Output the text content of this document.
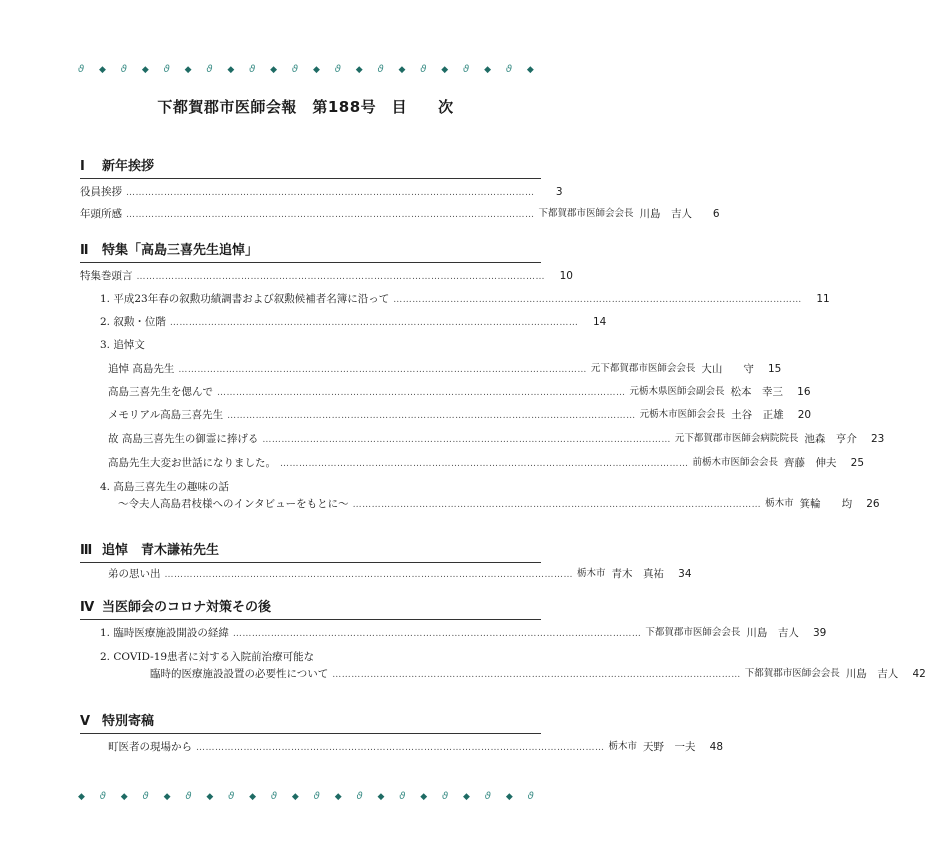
ϑ ◆ ϑ ◆ ϑ ◆ ϑ ◆ ϑ ◆ ϑ ◆ ϑ ◆ ϑ ◆ ϑ ◆ ϑ ◆ ϑ ◆
下都賀郡市医師会報　第188号　目　　次
Ⅰ 新年挨拶
役員挨拶 …………………………………………………………………………………………………………………	3
年頭所感 ………………………………………………………………………………………………………………… 下都賀郡市医師会会長 川島　吉人	6
Ⅱ 特集「高島三喜先生追悼」
特集巻頭言 …………………………………………………………………………………………………………………	10
1. 平成23年春の叙勲功績調書および叙勲候補者名簿に沿って …………………………………………………………………………………………………………………	11
2. 叙勲・位階 …………………………………………………………………………………………………………………	14
3. 追悼文
追悼 高島先生 ………………………………………………………………………………………………………………… 元下都賀郡市医師会会長 大山　　守	15
高島三喜先生を偲んで ………………………………………………………………………………………………………………… 元栃木県医師会副会長 松本　幸三	16
メモリアル高島三喜先生 ………………………………………………………………………………………………………………… 元栃木市医師会会長 土谷　正雄	20
故 高島三喜先生の御霊に捧げる ………………………………………………………………………………………………………………… 元下都賀郡市医師会病院院長 池森　亨介	23
高島先生大変お世話になりました。 ………………………………………………………………………………………………………………… 前栃木市医師会会長 齊藤　伸夫	25
4. 高島三喜先生の趣味の話
～令夫人高島君枝様へのインタビューをもとに～ ………………………………………………………………………………………………………………… 栃木市 箕輪　　均	26
Ⅲ 追悼　青木謙祐先生
弟の思い出 ………………………………………………………………………………………………………………… 栃木市 青木　真祐	34
Ⅳ 当医師会のコロナ対策その後
1. 臨時医療施設開設の経緯 ………………………………………………………………………………………………………………… 下都賀郡市医師会会長 川島　吉人	39
2. COVID-19患者に対する入院前治療可能な
臨時的医療施設設置の必要性について ………………………………………………………………………………………………………………… 下都賀郡市医師会会長 川島　吉人	42
Ⅴ 特別寄稿
町医者の現場から ………………………………………………………………………………………………………………… 栃木市 天野　一夫	48
◆ ϑ ◆ ϑ ◆ ϑ ◆ ϑ ◆ ϑ ◆ ϑ ◆ ϑ ◆ ϑ ◆ ϑ ◆ ϑ ◆ ϑ
